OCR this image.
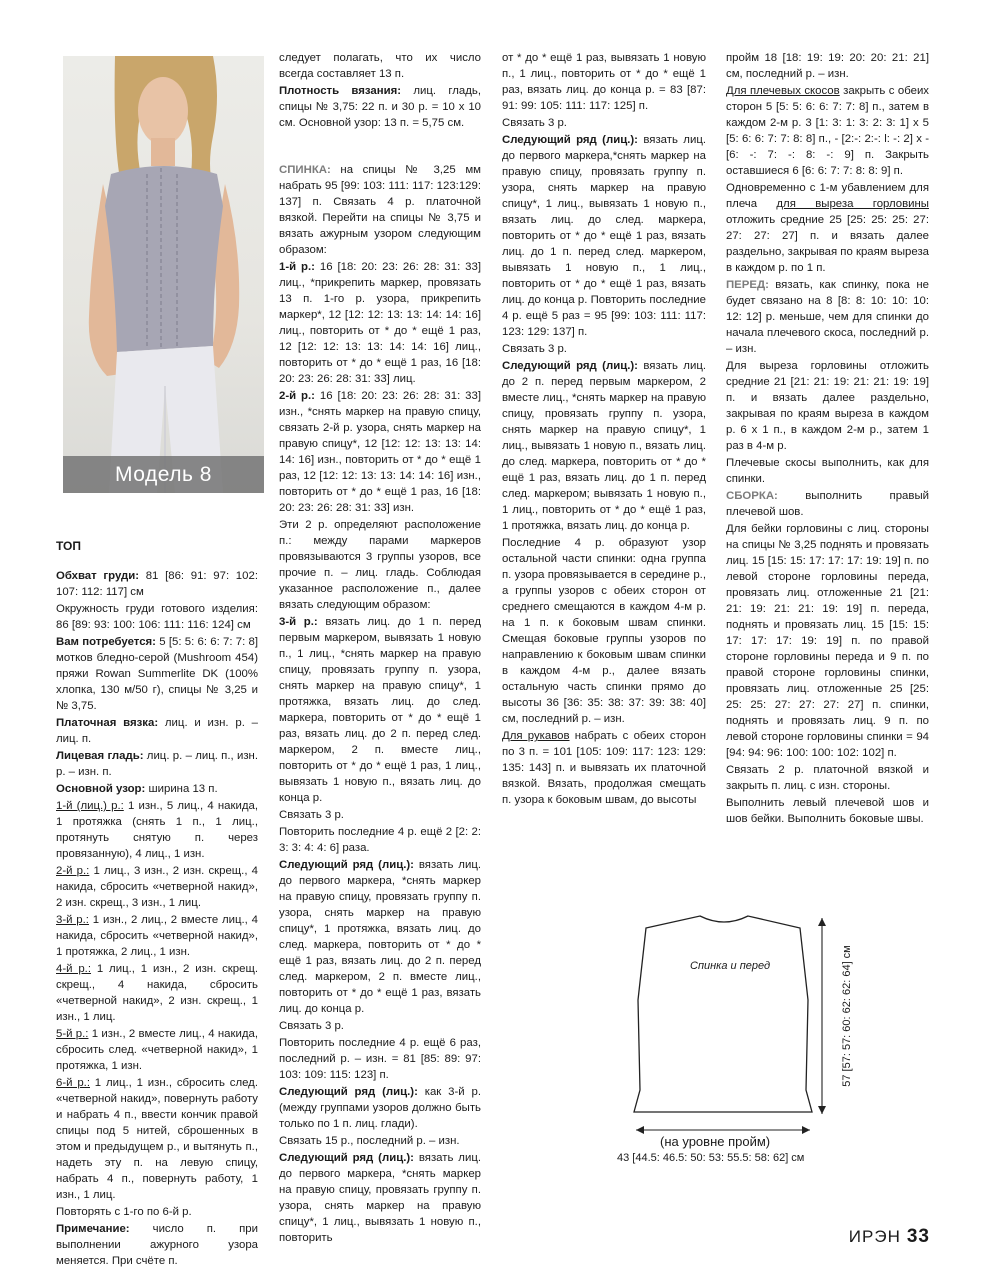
Модель 8

ТОП

Обхват груди: 81 [86: 91: 97: 102: 107: 112: 117] см

Окружность груди готового изделия: 86 [89: 93: 100: 106: 111: 116: 124] см

Вам потребуется: 5 [5: 5: 6: 6: 7: 7: 8] мотков бледно-серой (Mushroom 454) пряжи Rowan Summerlite DK (100% хлопка, 130 м/50 г), спицы № 3,25 и № 3,75.

Платочная вязка: лиц. и изн. р. – лиц. п.

Лицевая гладь: лиц. р. – лиц. п., изн. р. – изн. п.

Основной узор: ширина 13 п.

1-й (лиц.) р.: 1 изн., 5 лиц., 4 накида, 1 протяжка (снять 1 п., 1 лиц., протянуть снятую п. через провязанную), 4 лиц., 1 изн.

2-й р.: 1 лиц., 3 изн., 2 изн. скрещ., 4 накида, сбросить «четверной накид», 2 изн. скрещ., 3 изн., 1 лиц.

3-й р.: 1 изн., 2 лиц., 2 вместе лиц., 4 накида, сбросить «четверной накид», 1 протяжка, 2 лиц., 1 изн.

4-й р.: 1 лиц., 1 изн., 2 изн. скрещ. скрещ., 4 накида, сбросить «четверной накид», 2 изн. скрещ., 1 изн., 1 лиц.

5-й р.: 1 изн., 2 вместе лиц., 4 накида, сбросить след. «четверной накид», 1 протяжка, 1 изн.

6-й р.: 1 лиц., 1 изн., сбросить след. «четверной накид», повернуть работу и набрать 4 п., ввести кончик правой спицы под 5 нитей, сброшенных в этом и предыдущем р., и вытянуть п., надеть эту п. на левую спицу, набрать 4 п., повернуть работу, 1 изн., 1 лиц.

Повторять с 1-го по 6-й р.

Примечание: число п. при выполнении ажурного узора меняется. При счёте п.

следует полагать, что их число всегда составляет 13 п.

Плотность вязания: лиц. гладь, спицы № 3,75: 22 п. и 30 р. = 10 х 10 см. Основной узор: 13 п. = 5,75 см.

СПИНКА: на спицы № 3,25 мм набрать 95 [99: 103: 111: 117: 123:129: 137] п. Связать 4 р. платочной вязкой. Перейти на спицы № 3,75 и вязать ажурным узором следующим образом:

1-й р.: 16 [18: 20: 23: 26: 28: 31: 33] лиц., *прикрепить маркер, провязать 13 п. 1-го р. узора, прикрепить маркер*, 12 [12: 12: 13: 13: 14: 14: 16] лиц., повторить от * до * ещё 1 раз, 12 [12: 12: 13: 13: 14: 14: 16] лиц., повторить от * до * ещё 1 раз, 16 [18: 20: 23: 26: 28: 31: 33] лиц.

2-й р.: 16 [18: 20: 23: 26: 28: 31: 33] изн., *снять маркер на правую спицу, связать 2-й р. узора, снять маркер на правую спицу*, 12 [12: 12: 13: 13: 14: 14: 16] изн., повторить от * до * ещё 1 раз, 12 [12: 12: 13: 13: 14: 14: 16] изн., повторить от * до * ещё 1 раз, 16 [18: 20: 23: 26: 28: 31: 33] изн.

Эти 2 р. определяют расположение п.: между парами маркеров провязываются 3 группы узоров, все прочие п. – лиц. гладь. Соблюдая указанное расположение п., далее вязать следующим образом:

3-й р.: вязать лиц. до 1 п. перед первым маркером, вывязать 1 новую п., 1 лиц., *снять маркер на правую спицу, провязать группу п. узора, снять маркер на правую спицу*, 1 протяжка, вязать лиц. до след. маркера, повторить от * до * ещё 1 раз, вязать лиц. до 2 п. перед след. маркером, 2 п. вместе лиц., повторить от * до * ещё 1 раз, 1 лиц., вывязать 1 новую п., вязать лиц. до конца р.

Связать 3 р.

Повторить последние 4 р. ещё 2 [2: 2: 3: 3: 4: 4: 6] раза.

Следующий ряд (лиц.): вязать лиц. до первого маркера, *снять маркер на правую спицу, провязать группу п. узора, снять маркер на правую спицу*, 1 протяжка, вязать лиц. до след. маркера, повторить от * до * ещё 1 раз, вязать лиц. до 2 п. перед след. маркером, 2 п. вместе лиц., повторить от * до * ещё 1 раз, вязать лиц. до конца р.

Связать 3 р.

Повторить последние 4 р. ещё 6 раз, последний р. – изн. = 81 [85: 89: 97: 103: 109: 115: 123] п.

Следующий ряд (лиц.): как 3-й р. (между группами узоров должно быть только по 1 п. лиц. глади).

Связать 15 р., последний р. – изн.

Следующий ряд (лиц.): вязать лиц. до первого маркера, *снять маркер на правую спицу, провязать группу п. узора, снять маркер на правую спицу*, 1 лиц., вывязать 1 новую п., повторить

от * до * ещё 1 раз, вывязать 1 новую п., 1 лиц., повторить от * до * ещё 1 раз, вязать лиц. до конца р. = 83 [87: 91: 99: 105: 111: 117: 125] п.

Связать 3 р.

Следующий ряд (лиц.): вязать лиц. до первого маркера,*снять маркер на правую спицу, провязать группу п. узора, снять маркер на правую спицу*, 1 лиц., вывязать 1 новую п., вязать лиц. до след. маркера, повторить от * до * ещё 1 раз, вязать лиц. до 1 п. перед след. маркером, вывязать 1 новую п., 1 лиц., повторить от * до * ещё 1 раз, вязать лиц. до конца р. Повторить последние 4 р. ещё 5 раз = 95 [99: 103: 111: 117: 123: 129: 137] п.

Связать 3 р.

Следующий ряд (лиц.): вязать лиц. до 2 п. перед первым маркером, 2 вместе лиц., *снять маркер на правую спицу, провязать группу п. узора, снять маркер на правую спицу*, 1 лиц., вывязать 1 новую п., вязать лиц. до след. маркера, повторить от * до * ещё 1 раз, вязать лиц. до 1 п. перед след. маркером; вывязать 1 новую п., 1 лиц., повторить от * до * ещё 1 раз, 1 протяжка, вязать лиц. до конца р.

Последние 4 р. образуют узор остальной части спинки: одна группа п. узора провязывается в середине р., а группы узоров с обеих сторон от среднего смещаются в каждом 4-м р. на 1 п. к боковым швам спинки. Смещая боковые группы узоров по направлению к боковым швам спинки в каждом 4-м р., далее вязать остальную часть спинки прямо до высоты 36 [36: 35: 38: 37: 39: 38: 40] см, последний р. – изн.

Для рукавов набрать с обеих сторон по 3 п. = 101 [105: 109: 117: 123: 129: 135: 143] п. и вывязать их платочной вязкой. Вязать, продолжая смещать п. узора к боковым швам, до высоты

пройм 18 [18: 19: 19: 20: 20: 21: 21] см, последний р. – изн.

Для плечевых скосов закрыть с обеих сторон 5 [5: 5: 6: 6: 7: 7: 8] п., затем в каждом 2-м р. 3 [1: 3: 1: 3: 2: 3: 1] х 5 [5: 6: 6: 7: 7: 8: 8] п., - [2:-: 2:-: l: -: 2] х - [6: -: 7: -: 8: -: 9] п. Закрыть оставшиеся 6 [6: 6: 7: 7: 8: 8: 9] п.

Одновременно с 1-м убавлением для плеча для выреза горловины отложить средние 25 [25: 25: 25: 27: 27: 27: 27] п. и вязать далее раздельно, закрывая по краям выреза в каждом р. по 1 п.

ПЕРЕД: вязать, как спинку, пока не будет связано на 8 [8: 8: 10: 10: 10: 12: 12] р. меньше, чем для спинки до начала плечевого скоса, последний р. – изн.

Для выреза горловины отложить средние 21 [21: 21: 19: 21: 21: 19: 19] п. и вязать далее раздельно, закрывая по краям выреза в каждом р. 6 х 1 п., в каждом 2-м р., затем 1 раз в 4-м р.

Плечевые скосы выполнить, как для спинки.

СБОРКА: выполнить правый плечевой шов.

Для бейки горловины с лиц. стороны на спицы № 3,25 поднять и провязать лиц. 15 [15: 15: 17: 17: 17: 19: 19] п. по левой стороне горловины переда, провязать лиц. отложенные 21 [21: 21: 19: 21: 21: 19: 19] п. переда, поднять и провязать лиц. 15 [15: 15: 17: 17: 17: 19: 19] п. по правой стороне горловины переда и 9 п. по правой стороне горловины спинки, провязать лиц. отложенные 25 [25: 25: 25: 27: 27: 27: 27] п. спинки, поднять и провязать лиц. 9 п. по левой стороне горловины спинки = 94 [94: 94: 96: 100: 100: 102: 102] п.

Связать 2 р. платочной вязкой и закрыть п. лиц. с изн. стороны.

Выполнить левый плечевой шов и шов бейки. Выполнить боковые швы.

Спинка и перед
(на уровне пройм)
43 [44.5: 46.5: 50: 53: 55.5: 58: 62] см
57 [57: 57: 60: 62: 62: 64] см
ИРЭН 33
